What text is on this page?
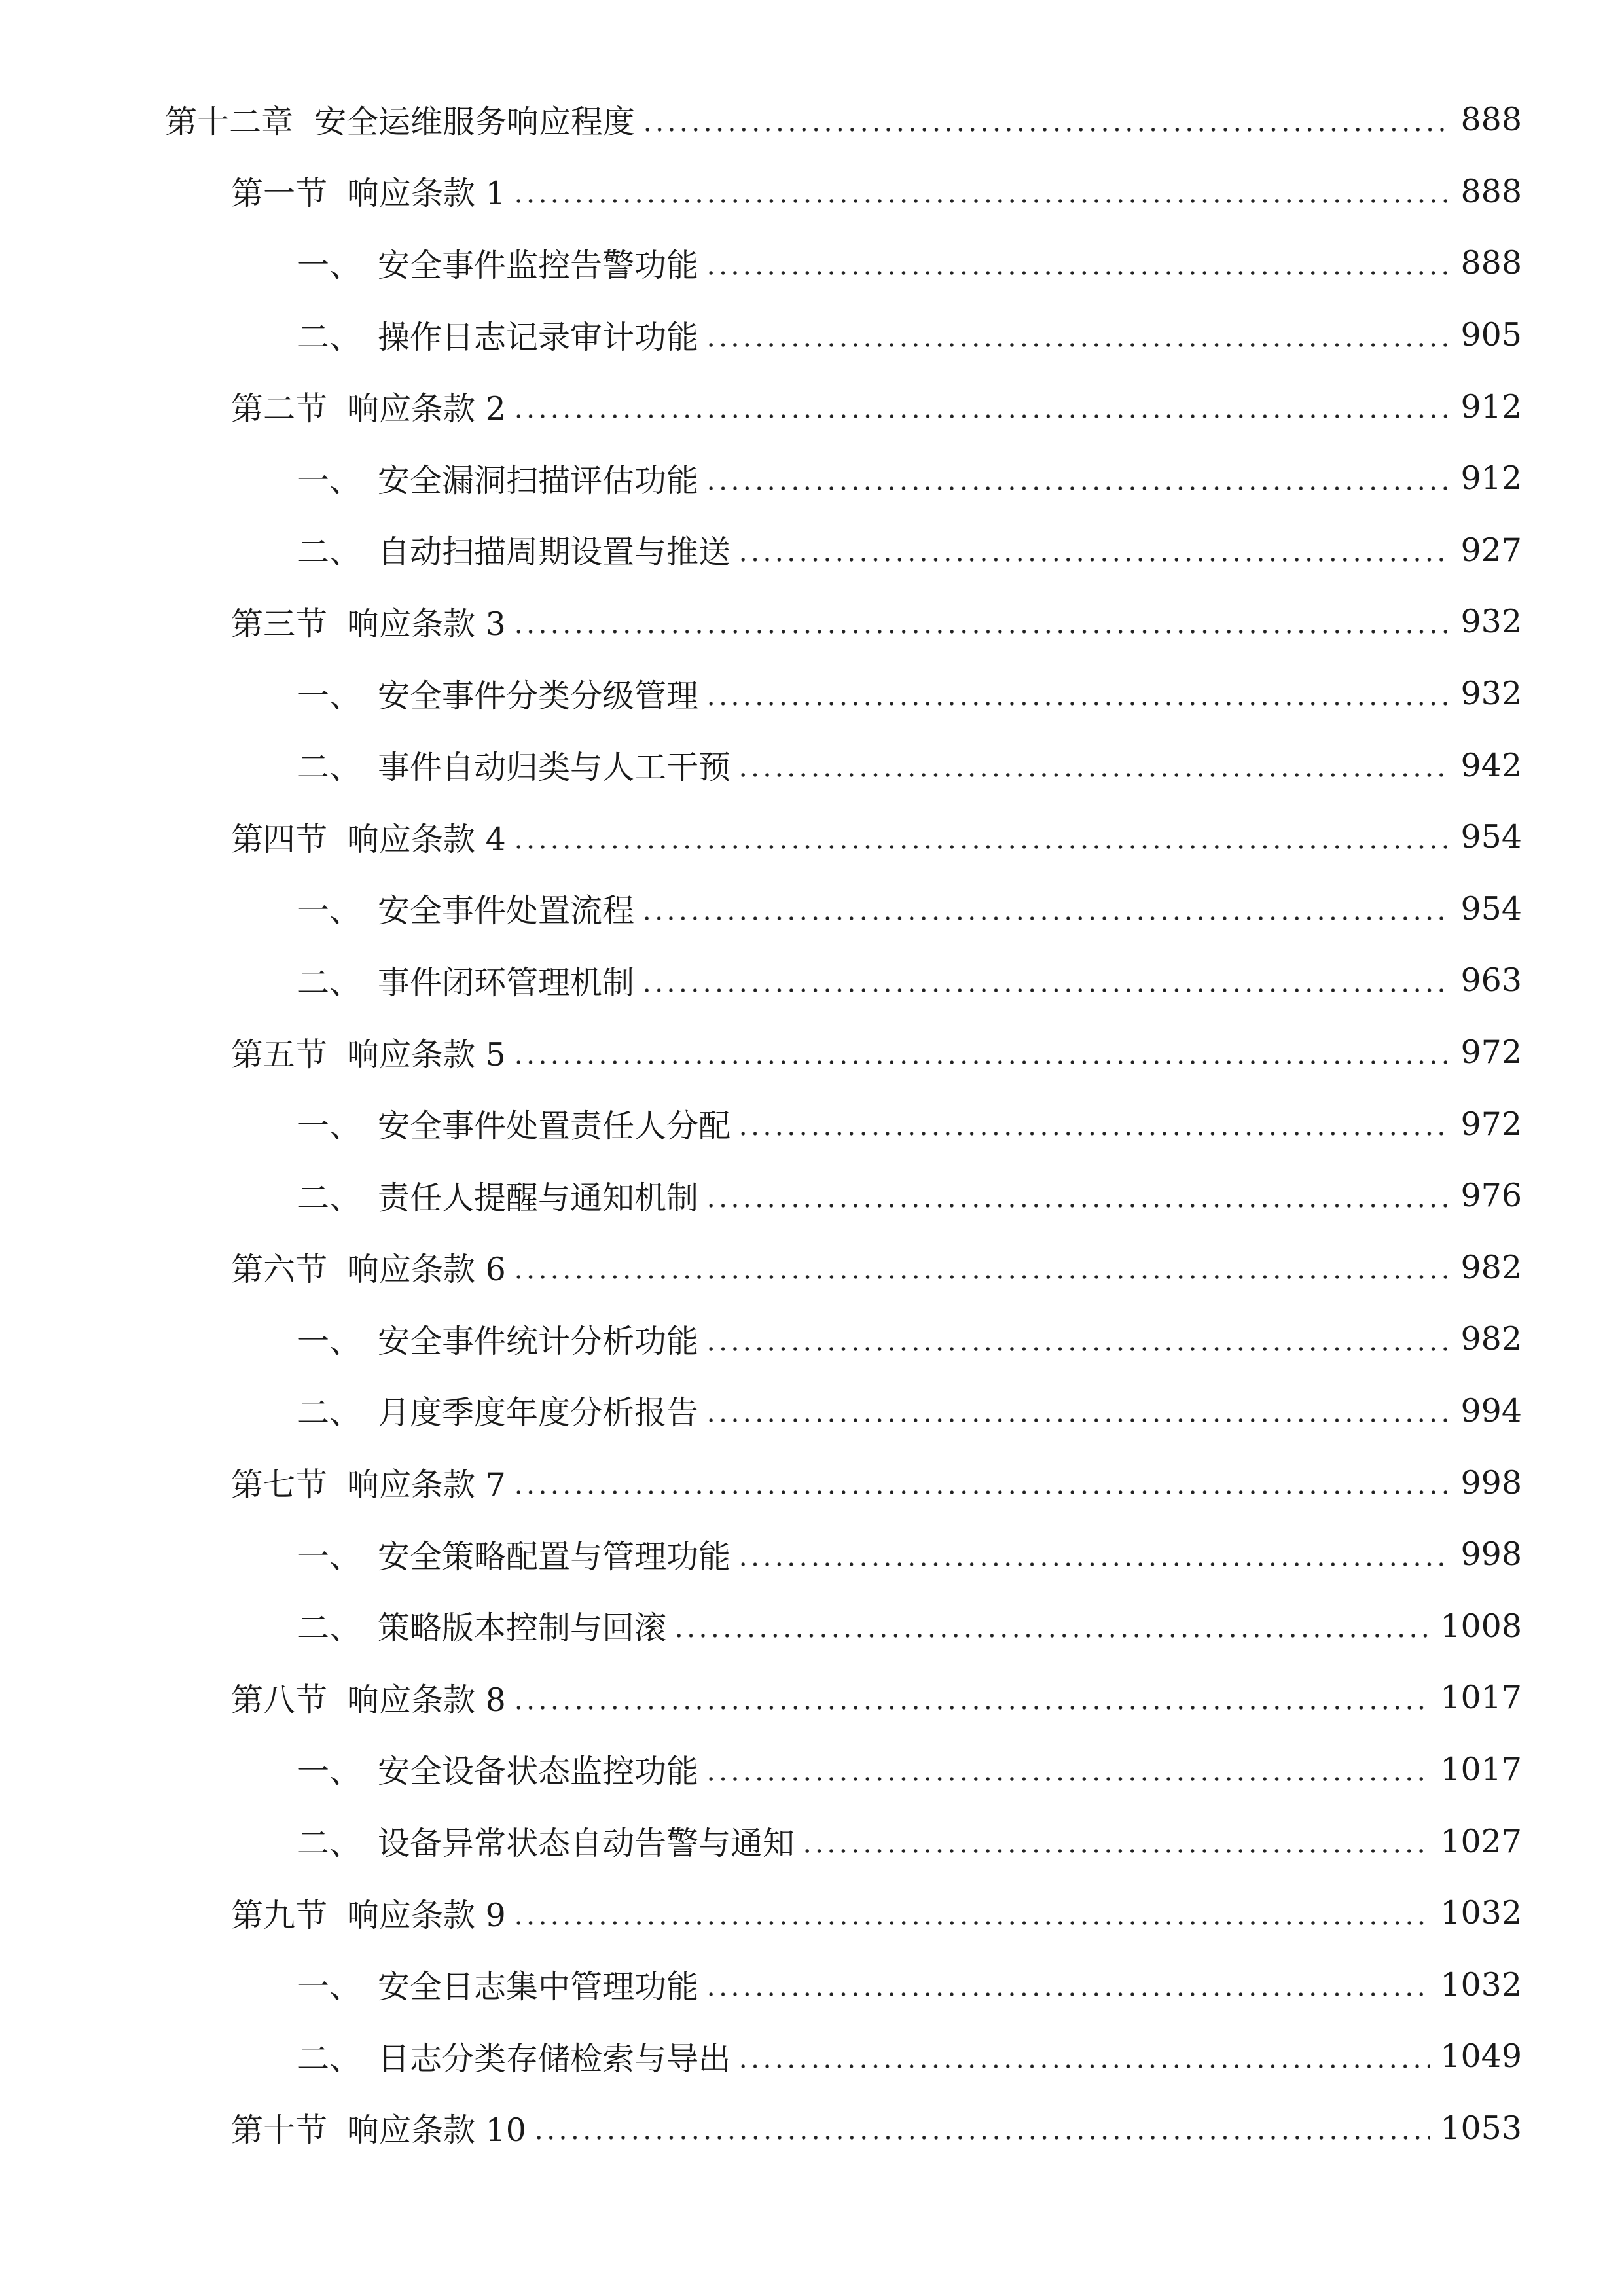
第十二章 安全运维服务响应程度	888
第一节 响应条款 1	888
一、 安全事件监控告警功能	888
二、 操作日志记录审计功能	905
第二节 响应条款 2	912
一、 安全漏洞扫描评估功能	912
二、 自动扫描周期设置与推送	927
第三节 响应条款 3	932
一、 安全事件分类分级管理	932
二、 事件自动归类与人工干预	942
第四节 响应条款 4	954
一、 安全事件处置流程	954
二、 事件闭环管理机制	963
第五节 响应条款 5	972
一、 安全事件处置责任人分配	972
二、 责任人提醒与通知机制	976
第六节 响应条款 6	982
一、 安全事件统计分析功能	982
二、 月度季度年度分析报告	994
第七节 响应条款 7	998
一、 安全策略配置与管理功能	998
二、 策略版本控制与回滚	1008
第八节 响应条款 8	1017
一、 安全设备状态监控功能	1017
二、 设备异常状态自动告警与通知	1027
第九节 响应条款 9	1032
一、 安全日志集中管理功能	1032
二、 日志分类存储检索与导出	1049
第十节 响应条款 10	1053
